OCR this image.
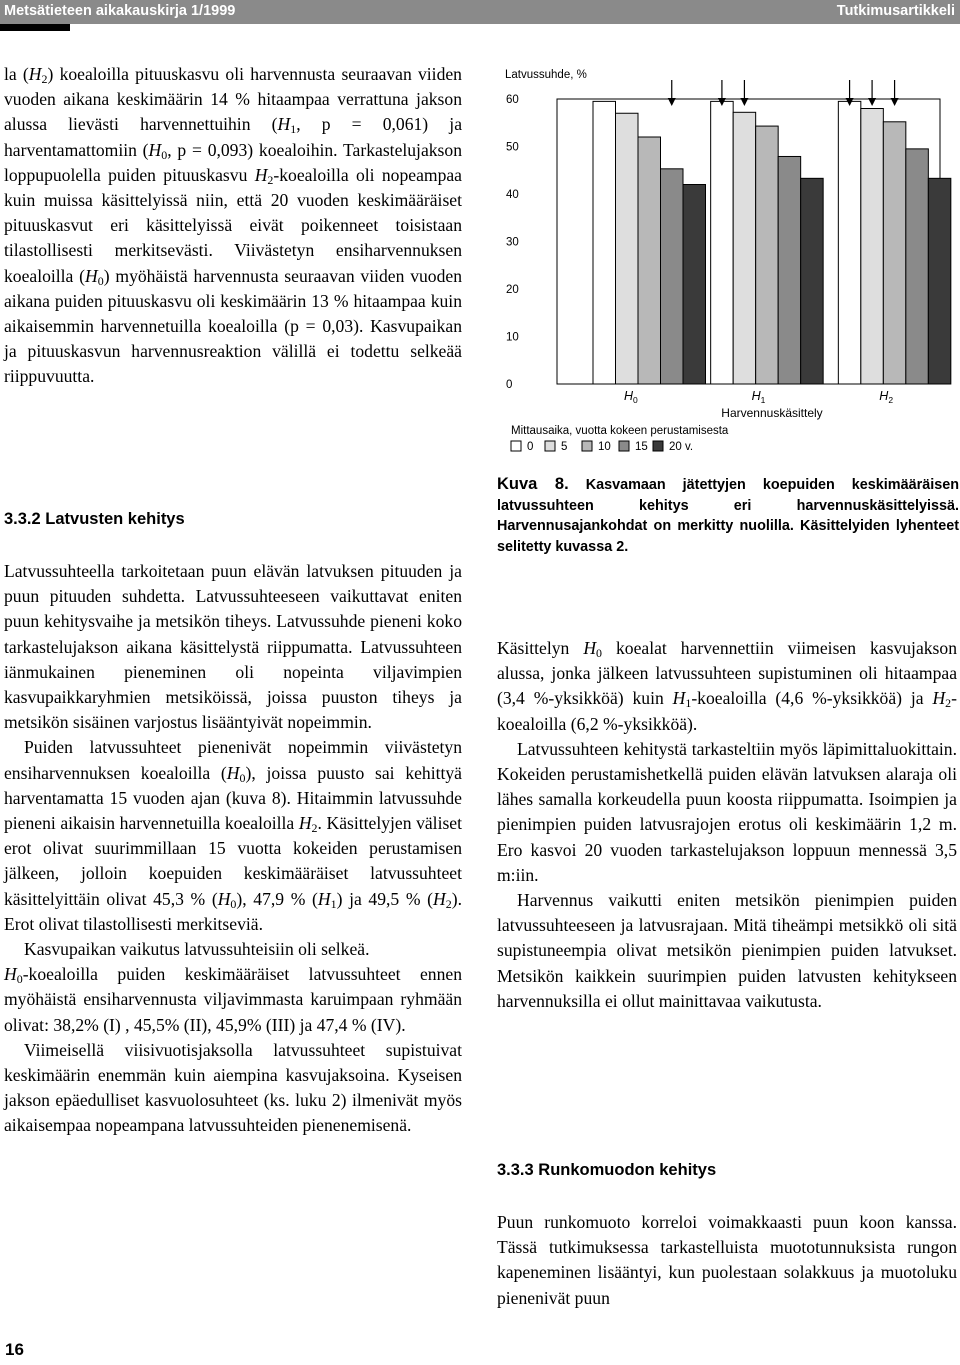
Metsätieteen aikakauskirja 1/1999	Tutkimusartikkeli

la $(H_2)$ koealoilla pituuskasvu oli harvennusta seuraavan viiden vuoden aikana keskimäärin 14 % hitaampaa verrattuna jakson alussa lievästi harvennettuihin ($H_1$, p = 0,061) ja harventamattomiin ($H_0$, p = 0,093) koealoihin. Tarkastelujakson loppupuolella puiden pituuskasvu $H_2$-koealoilla oli nopeampaa kuin muissa käsittelyissä niin, että 20 vuoden keskimääräiset pituuskasvut eri käsittelyissä eivät poikenneet toisistaan tilastollisesti merkitsevästi. Viivästetyn ensiharvennuksen koealoilla $(H_0)$ myöhäistä harvennusta seuraavan viiden vuoden aikana puiden pituuskasvu oli keskimäärin 13 % hitaampaa kuin aikaisemmin harvennetuilla koealoilla (p = 0,03). Kasvupaikan ja pituuskasvun harvennusreaktion välillä ei todettu selkeää riippuvuutta.

3.3.2 Latvusten kehitys

Latvussuhteella tarkoitetaan puun elävän latvuksen pituuden ja puun pituuden suhdetta. Latvussuhteeseen vaikuttavat eniten puun kehitysvaihe ja metsikön tiheys. Latvussuhde pieneni koko tarkastelujakson aikana käsittelystä riippumatta. Latvussuhteen iänmukainen pieneminen oli nopeinta viljavimpien kasvupaikkaryhmien metsiköissä, joissa puuston tiheys ja metsikön sisäinen varjostus lisääntyivät nopeimmin.

Puiden latvussuhteet pienenivät nopeimmin viivästetyn ensiharvennuksen koealoilla $(H_0)$, joissa puusto sai kehittyä harventamatta 15 vuoden ajan (kuva 8). Hitaimmin latvussuhde pieneni aikaisin harvennetuilla koealoilla $H_2$. Käsittelyjen väliset erot olivat suurimmillaan 15 vuotta kokeiden perustamisen jälkeen, jolloin koepuiden keskimääräiset latvussuhteet käsittelyittäin olivat 45,3 % $(H_0)$, 47,9 % $(H_1)$ ja 49,5 % $(H_2)$. Erot olivat tilastollisesti merkitseviä.

Kasvupaikan vaikutus latvussuhteisiin oli selkeä.
$H_0$-koealoilla puiden keskimääräiset latvussuhteet ennen myöhäistä ensiharvennusta viljavimmasta karuimpaan ryhmään olivat: 38,2% (I) , 45,5% (II), 45,9% (III) ja 47,4 % (IV).

Viimeisellä viisivuotisjaksolla latvussuhteet supistuivat keskimäärin enemmän kuin aiempina kasvujaksoina. Kyseisen jakson epäedulliset kasvuolosuhteet (ks. luku 2) ilmenivät myös aikaisempaa nopeampana latvussuhteiden pienenemisenä.

Latvussuhde, %
0
10
20
30
40
50
60
$H_0$	$H_1$	$H_2$
Harvennuskäsittely
Mittausaika, vuotta kokeen perustamisesta
0 5	10 15 20 v.
Kuva 8. Kasvamaan jätettyjen koepuiden keskimääräisen latvussuhteen kehitys eri harvennuskäsittelyissä. Harvennusajankohdat on merkitty nuolilla. Käsittelyiden lyhenteet selitetty kuvassa 2.

Käsittelyn $H_0$ koealat harvennettiin viimeisen kasvujakson alussa, jonka jälkeen latvussuhteen supistuminen oli hitaampaa (3,4 %-yksikköä) kuin $H_1$-koealoilla (4,6 %-yksikköä) ja $H_2$-koealoilla (6,2 %-yksikköä).

Latvussuhteen kehitystä tarkasteltiin myös läpimittaluokittain. Kokeiden perustamishetkellä puiden elävän latvuksen alaraja oli lähes samalla korkeudella puun koosta riippumatta. Isoimpien ja pienimpien puiden latvusrajojen erotus oli keskimäärin 1,2 m. Ero kasvoi 20 vuoden tarkastelujakson loppuun mennessä 3,5 m:iin.

Harvennus vaikutti eniten metsikön pienimpien puiden latvussuhteeseen ja latvusrajaan. Mitä tiheämpi metsikkö oli sitä supistuneempia olivat metsikön pienimpien puiden latvukset. Metsikön kaikkein suurimpien puiden latvusten kehitykseen harvennuksilla ei ollut mainittavaa vaikutusta.

3.3.3 Runkomuodon kehitys

Puun runkomuoto korreloi voimakkaasti puun koon kanssa. Tässä tutkimuksessa tarkastelluista muototunnuksista rungon kapeneminen lisääntyi, kun puolestaan solakkuus ja muotoluku pienenivät puun

16
